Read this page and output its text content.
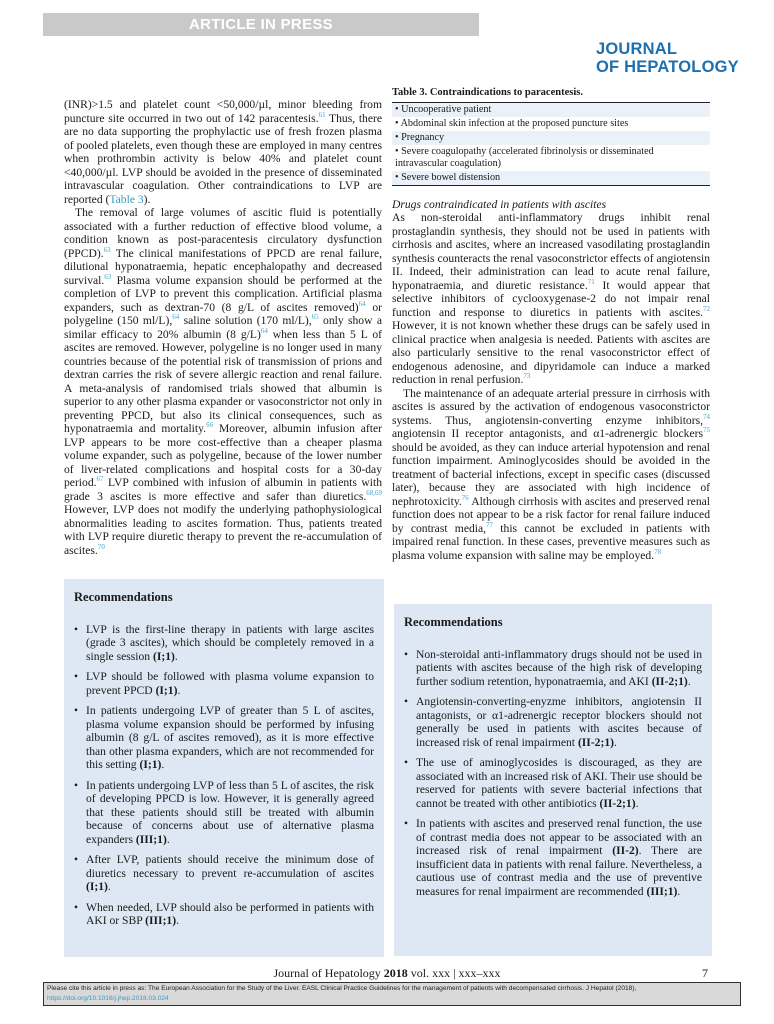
ARTICLE IN PRESS
JOURNAL
OF HEPATOLOGY

(INR)>1.5 and platelet count <50,000/µl, minor bleeding from puncture site occurred in two out of 142 paracentesis.$^{61}$ Thus, there are no data supporting the prophylactic use of fresh frozen plasma of pooled platelets, even though these are employed in many centres when prothrombin activity is below 40% and platelet count <40,000/µl. LVP should be avoided in the presence of disseminated intravascular coagulation. Other contraindications to LVP are reported (Table 3).

The removal of large volumes of ascitic fluid is potentially associated with a further reduction of effective blood volume, a condition known as post-paracentesis circulatory dysfunction (PPCD).$^{63}$ The clinical manifestations of PPCD are renal failure, dilutional hyponatraemia, hepatic encephalopathy and decreased survival.$^{63}$ Plasma volume expansion should be performed at the completion of LVP to prevent this complication. Artificial plasma expanders, such as dextran-70 (8 g/L of ascites removed)$^{64}$ or polygeline (150 ml/L),$^{64}$ saline solution (170 ml/L),$^{65}$ only show a similar efficacy to 20% albumin (8 g/L)$^{64}$ when less than 5 L of ascites are removed. However, polygeline is no longer used in many countries because of the potential risk of transmission of prions and dextran carries the risk of severe allergic reaction and renal failure. A meta-analysis of randomised trials showed that albumin is superior to any other plasma expander or vasoconstrictor not only in preventing PPCD, but also its clinical consequences, such as hyponatraemia and mortality.$^{66}$ Moreover, albumin infusion after LVP appears to be more cost-effective than a cheaper plasma volume expander, such as polygeline, because of the lower number of liver-related complications and hospital costs for a 30-day period.$^{67}$ LVP combined with infusion of albumin in patients with grade 3 ascites is more effective and safer than diuretics.$^{68,69}$ However, LVP does not modify the underlying pathophysiological abnormalities leading to ascites formation. Thus, patients treated with LVP require diuretic therapy to prevent the re-accumulation of ascites.$^{70}$

Recommendations
• LVP is the first-line therapy in patients with large ascites (grade 3 ascites), which should be completely removed in a single session (I;1).
• LVP should be followed with plasma volume expansion to prevent PPCD (I;1).
• In patients undergoing LVP of greater than 5 L of ascites, plasma volume expansion should be performed by infusing albumin (8 g/L of ascites removed), as it is more effective than other plasma expanders, which are not recommended for this setting (I;1).
• In patients undergoing LVP of less than 5 L of ascites, the risk of developing PPCD is low. However, it is generally agreed that these patients should still be treated with albumin because of concerns about use of alternative plasma expanders (III;1).
• After LVP, patients should receive the minimum dose of diuretics necessary to prevent re-accumulation of ascites (I;1).
• When needed, LVP should also be performed in patients with AKI or SBP (III;1).
Table 3. Contraindications to paracentesis.
• Uncooperative patient
• Abdominal skin infection at the proposed puncture sites
• Pregnancy
• Severe coagulopathy (accelerated fibrinolysis or disseminated intravascular coagulation)
• Severe bowel distension

Drugs contraindicated in patients with ascites

As non-steroidal anti-inflammatory drugs inhibit renal prostaglandin synthesis, they should not be used in patients with cirrhosis and ascites, where an increased vasodilating prostaglandin synthesis counteracts the renal vasoconstrictor effects of angiotensin II. Indeed, their administration can lead to acute renal failure, hyponatraemia, and diuretic resistance.$^{71}$ It would appear that selective inhibitors of cyclooxygenase-2 do not impair renal function and response to diuretics in patients with ascites.$^{72}$ However, it is not known whether these drugs can be safely used in clinical practice when analgesia is needed. Patients with ascites are also particularly sensitive to the renal vasoconstrictor effect of endogenous adenosine, and dipyridamole can induce a marked reduction in renal perfusion.$^{73}$

The maintenance of an adequate arterial pressure in cirrhosis with ascites is assured by the activation of endogenous vasoconstrictor systems. Thus, angiotensin-converting enzyme inhibitors,$^{74}$ angiotensin II receptor antagonists, and α1-adrenergic blockers$^{75}$ should be avoided, as they can induce arterial hypotension and renal function impairment. Aminoglycosides should be avoided in the treatment of bacterial infections, except in specific cases (discussed later), because they are associated with high incidence of nephrotoxicity.$^{76}$ Although cirrhosis with ascites and preserved renal function does not appear to be a risk factor for renal failure induced by contrast media,$^{77}$ this cannot be excluded in patients with impaired renal function. In these cases, preventive measures such as plasma volume expansion with saline may be employed.$^{78}$

Recommendations
• Non-steroidal anti-inflammatory drugs should not be used in patients with ascites because of the high risk of developing further sodium retention, hyponatraemia, and AKI (II-2;1).
• Angiotensin-converting-enyzme inhibitors, angiotensin II antagonists, or α1-adrenergic receptor blockers should not generally be used in patients with ascites because of increased risk of renal impairment (II-2;1).
• The use of aminoglycosides is discouraged, as they are associated with an increased risk of AKI. Their use should be reserved for patients with severe bacterial infections that cannot be treated with other antibiotics (II-2;1).
• In patients with ascites and preserved renal function, the use of contrast media does not appear to be associated with an increased risk of renal impairment (II-2). There are insufficient data in patients with renal failure. Nevertheless, a cautious use of contrast media and the use of preventive measures for renal impairment are recommended (III;1).
Journal of Hepatology 2018 vol. xxx | xxx–xxx	7
Please cite this article in press as: The European Association for the Study of the Liver. EASL Clinical Practice Guidelines for the management of patients with decompensated cirrhosis. J Hepatol (2018), https://doi.org/10.1016/j.jhep.2018.03.024
